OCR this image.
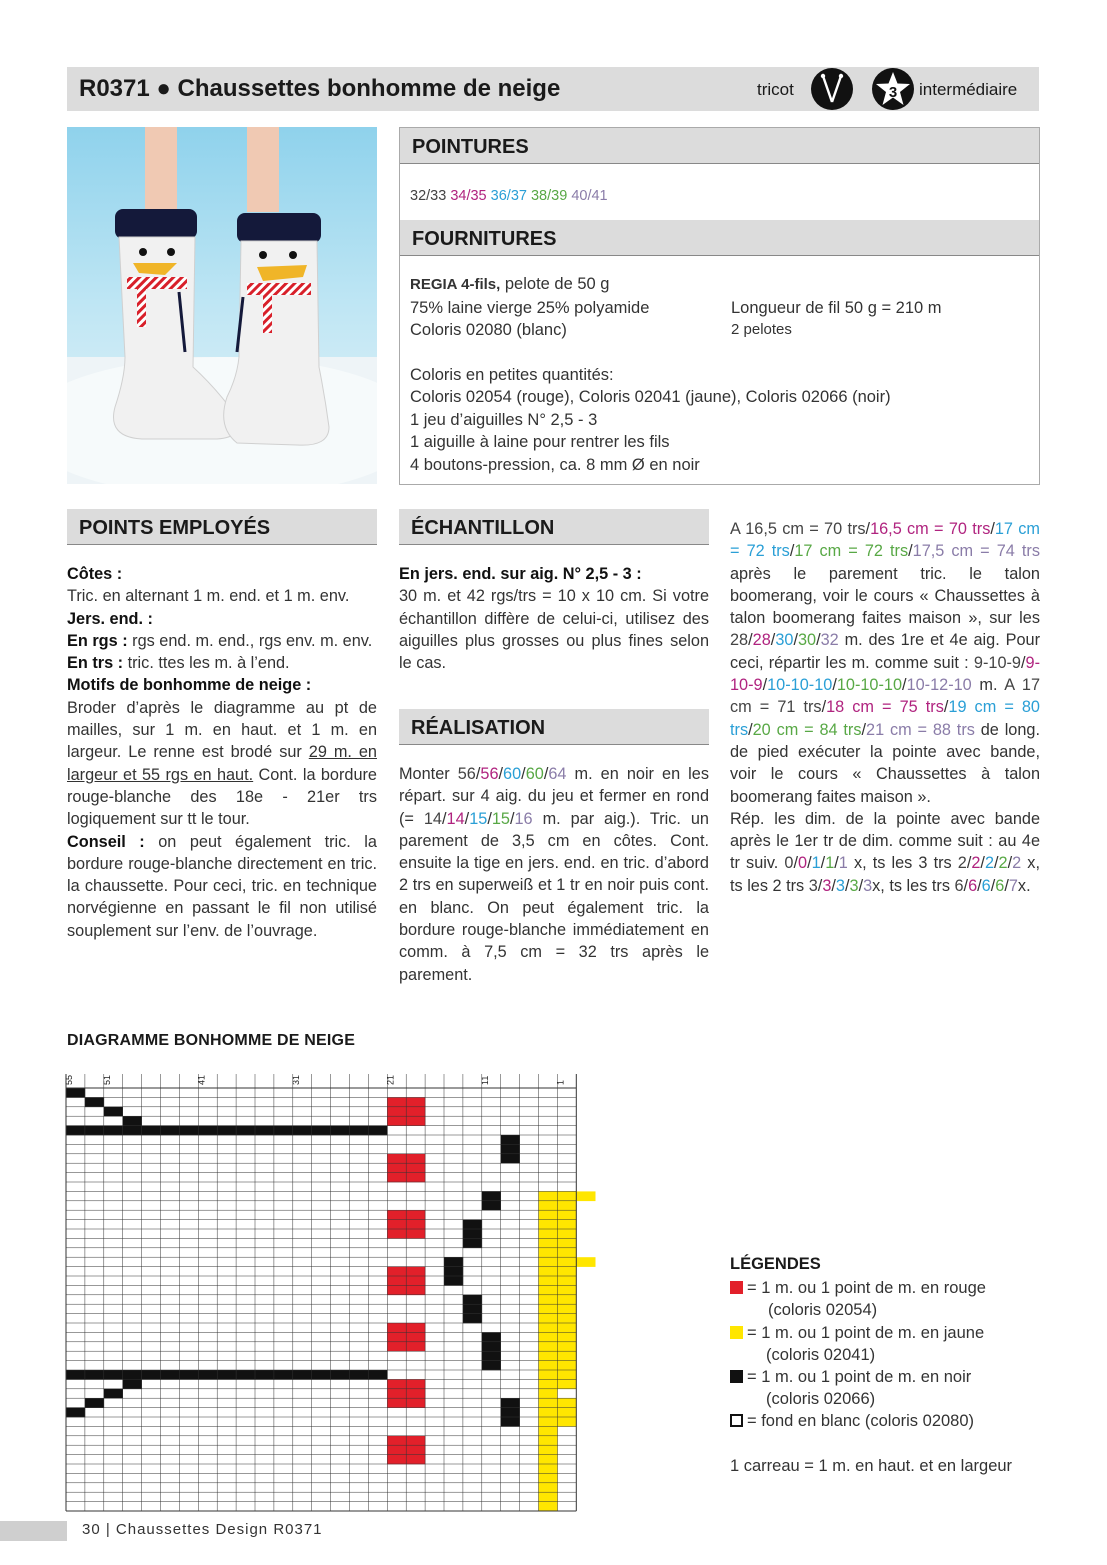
R0371 ● Chaussettes bonhomme de neige	tricot	3 intermédiaire
POINTURES
32/33 34/35 36/37 38/39 40/41
FOURNITURES
REGIA 4-fils, pelote de 50 g
75% laine vierge 25% polyamide	Longueur de fil 50 g = 210 m
Coloris 02080 (blanc)	2 pelotes
Coloris en petites quantités:
Coloris 02054 (rouge), Coloris 02041 (jaune), Coloris 02066 (noir)
1 jeu d’aiguilles N° 2,5 - 3
1 aiguille à laine pour rentrer les fils
4 boutons-pression, ca. 8 mm Ø en noir
POINTS EMPLOYÉS
Côtes :
Tric. en alternant 1 m. end. et 1 m. env.
Jers. end. :
En rgs : rgs end. m. end., rgs env. m. env.
En trs : tric. ttes les m. à l’end.
Motifs de bonhomme de neige :
Broder d’après le diagramme au pt de mailles, sur 1 m. en haut. et 1 m. en largeur. Le renne est brodé sur 29 m. en largeur et 55 rgs en haut. Cont. la bordure rouge-blanche des 18e - 21er trs logiquement sur tt le tour.
Conseil : on peut également tric. la bordure rouge-blanche directement en tric. la chaussette. Pour ceci, tric. en technique norvégienne en passant le fil non utilisé souplement sur l’env. de l’ouvrage.
ÉCHANTILLON
En jers. end. sur aig. N° 2,5 - 3 :
30 m. et 42 rgs/trs = 10 x 10 cm. Si votre échantillon diffère de celui-ci, utilisez des aiguilles plus grosses ou plus fines selon le cas.
RÉALISATION
Monter 56/56/60/60/64 m. en noir en les répart. sur 4 aig. du jeu et fermer en rond (= 14/14/15/15/16 m. par aig.). Tric. un parement de 3,5 cm en côtes. Cont. ensuite la tige en jers. end. en tric. d’abord 2 trs en superweiß et 1 tr en noir puis cont. en blanc. On peut également tric. la bordure rouge-blanche immédiatement en comm. à 7,5 cm = 32 trs après le parement.
A 16,5 cm = 70 trs/16,5 cm = 70 trs/17 cm = 72 trs/17 cm = 72 trs/17,5 cm = 74 trs après le parement tric. le talon boomerang, voir le cours « Chaussettes à talon boomerang faites maison », sur les 28/28/30/30/32 m. des 1re et 4e aig. Pour ceci, répartir les m. comme suit : 9-10-9/9-10-9/10-10-10/10-10-10/10-12-10 m. A 17 cm = 71 trs/18 cm = 75 trs/19 cm = 80 trs/20 cm = 84 trs/21 cm = 88 trs de long. de pied exécuter la pointe avec bande, voir le cours « Chaussettes à talon boomerang faites maison ».
Rép. les dim. de la pointe avec bande après le 1er tr de dim. comme suit : au 4e tr suiv. 0/0/1/1/1 x, ts les 3 trs 2/2/2/2/2 x, ts les 2 trs 3/3/3/3/3x, ts les trs 6/6/6/6/7x.
DIAGRAMME BONHOMME DE NEIGE
55	51	41	31	21	11	1
LÉGENDES
= 1 m. ou 1 point de m. en rouge
(coloris 02054)
= 1 m. ou 1 point de m. en jaune
(coloris 02041)
= 1 m. ou 1 point de m. en noir
(coloris 02066)
= fond en blanc (coloris 02080)
1 carreau = 1 m. en haut. et en largeur
30 | Chaussettes Design R0371
